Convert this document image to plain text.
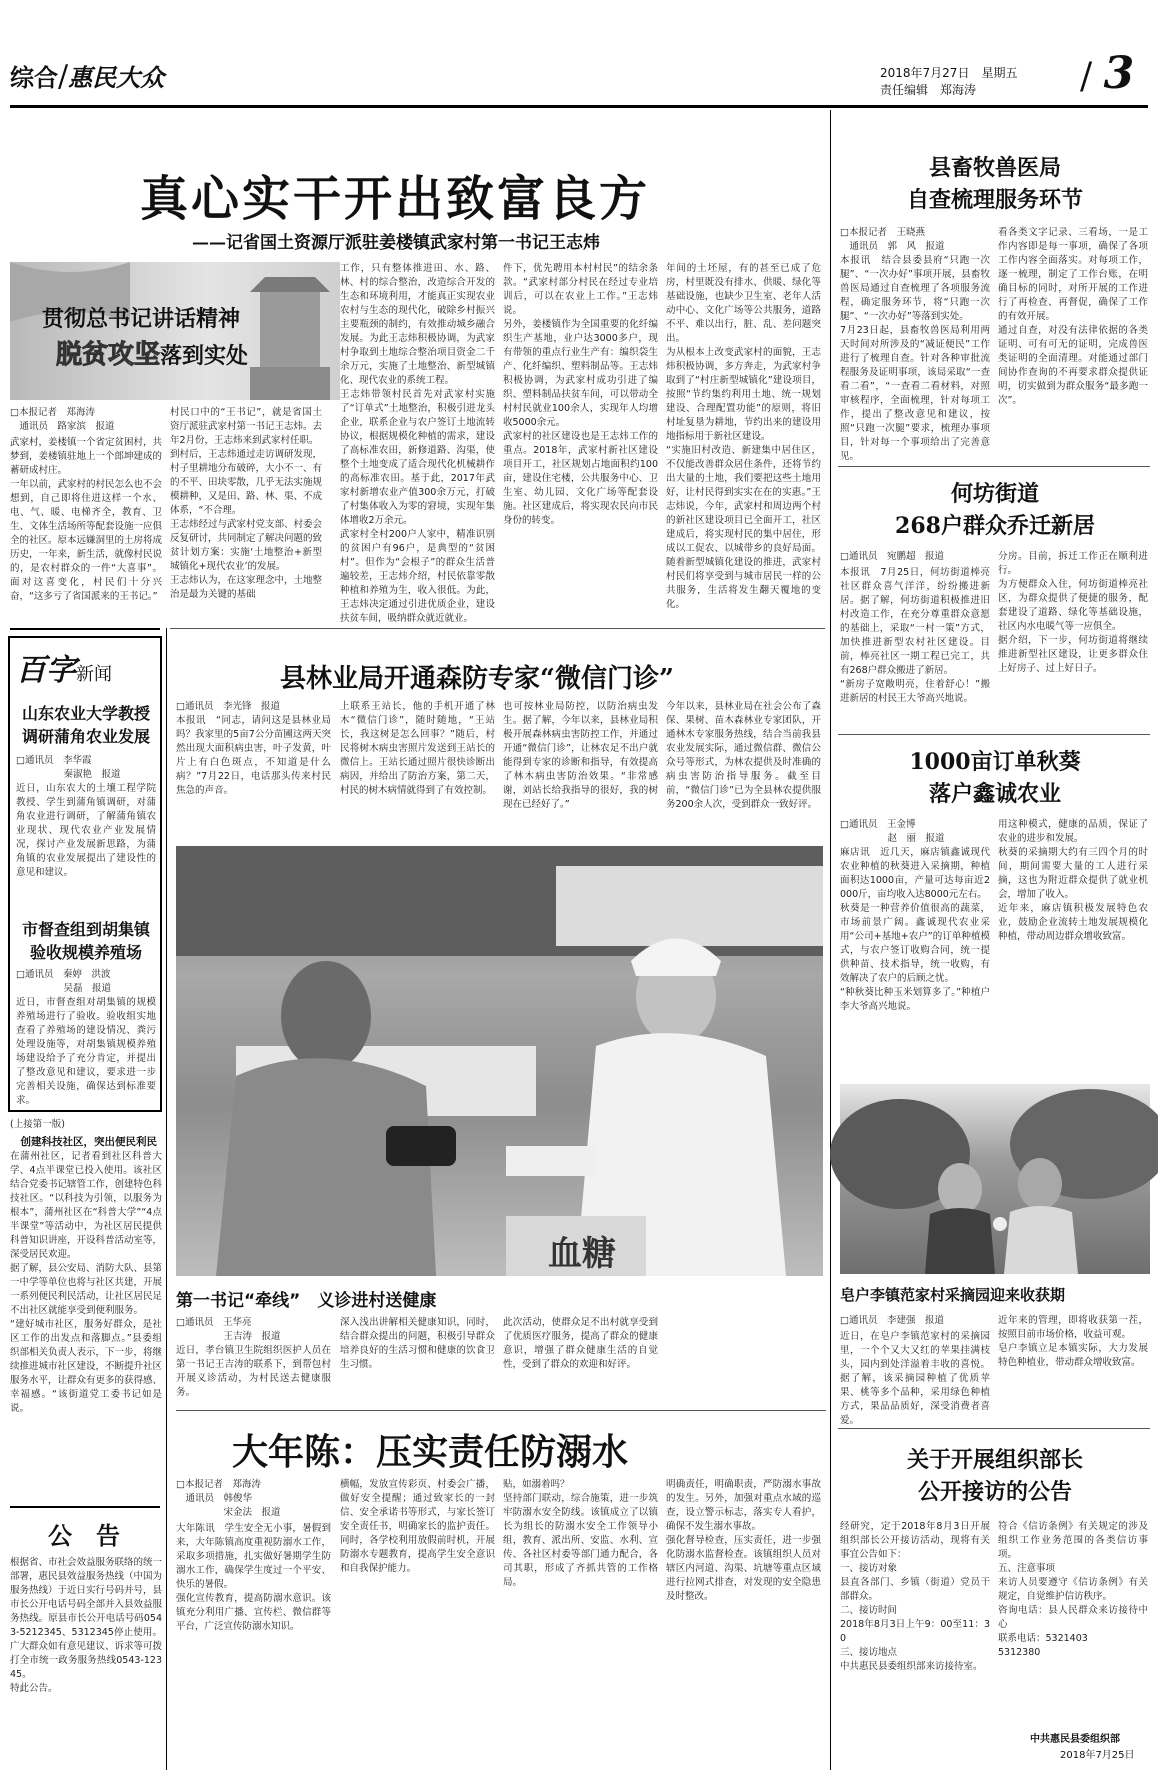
综合/惠民大众	2018年7月27日　 星期五
责任编辑　郑海涛	/ 3
真心实干开出致富良方
——记省国土资源厅派驻姜楼镇武家村第一书记王志炜
贯彻总书记讲话精神
脱贫攻坚落到实处
□本报记者　郑海涛
　通讯员　路家滨　报道
武家村，姜楼镇一个省定贫困村，共梦到，姜楼镇驻地上一个郎坤建成的蓄研成村庄。
一年以前，武家村的村民怎么也不会想到，自己即将住进这样一个水、电、气、暖、电梯齐全，教育、卫生、文体生活场所等配套设施一应俱全的社区。原本远嫌洞里的土房将成历史，一年来，新生活，就像村民说的，是农村群众的一件“大喜事”。面对这喜变化，村民们十分兴奋，“这多亏了省国派来的王书记。”
村民口中的“王书记”，就是省国土资厅派驻武家村第一书记王志炜。去年2月份，王志炜来到武家村任职。
到村后，王志炜通过走访调研发现，村子里耕地分布破碎，大小不一、有的不平、田块零散，几乎无法实施规模耕种，又是田、路、林、渠、不成体系，“不合理。
王志炜经过与武家村党支部、村委会反复研讨，共同制定了解决问题的致贫计划方案：实施‘土地整治+新型城镇化+现代农业’的发展。
王志炜认为，在这家理念中，土地整治是最为关键的基础
工作，只有整体推进田、水、路、林、村的综合整治，改造综合开发的生态和环境利用，才能真正实现农业农村与生态的现代化，破除乡村振兴主要瓶颈的制约，有效推动城乡融合发展。为此王志炜积极协调，为武家村争取到土地综合整治项目资金二千余万元，实施了土地整治、新型城镇化、现代农业的系统工程。
王志炜带领村民首先对武家村实施了“订单式”土地整治，积极引进龙头企业，联系企业与农户签订土地流转协议，根据规模化种植的需求，建设了高标准农田，新修道路、沟渠，使整个土地变成了适合现代化机械耕作的高标准农田。基于此，2017年武家村新增农业产值300余万元，打破了村集体收入为零的窘境，实现年集体增收2万余元。
武家村全村200户人家中，精准识别的贫困户有96户，是典型的“贫困村”。但作为“会根子”的群众生活普遍较差，王志炜介绍，村民依靠零散种植和养殖为生，收入很低。为此，王志炜决定通过引进优质企业，建设扶贫车间，吸纳群众就近就业。
件下，优先聘用本村村民”的结余条款。“武家村部分村民在经过专业培训后，可以在农业上工作。”王志炜说。
另外，姜楼镇作为全国重要的化纤编织生产基地，业户达3000多户，现有带领的重点行业生产有：编织袋生产、化纤编织、塑料制品等。王志炜积极协调，为武家村成功引进了编织、塑料制品扶贫车间，可以带动全村村民就业100余人，实现年人均增收5000余元。
武家村的社区建设也是王志炜工作的重点。2018年，武家村新社区建设项目开工，社区规划占地面积约100亩，建设住宅楼，公共服务中心、卫生室、幼儿园、文化广场等配套设施。社区建成后，将实现农民向市民身份的转变。
年间的土坯屋，有的甚至已成了危房，村里既没有排水、供暖、绿化等基础设施，也缺少卫生室、老年人活动中心、文化广场等公共服务，道路不平、难以出行，脏、乱、差问题突出。
为从根本上改变武家村的面貌，王志炜积极协调，多方奔走，为武家村争取到了“村庄新型城镇化”建设项目，按照“节约集约利用土地、统一规划建设、合理配置功能”的原则，将旧村址复垦为耕地，节约出来的建设用地指标用于新社区建设。
“实施旧村改造、新建集中居住区，不仅能改善群众居住条件，还将节约出大量的土地，我们要把这些土地用好，让村民得到实实在在的实惠。”王志炜说，今年，武家村和周边两个村的新社区建设项目已全面开工，社区建成后，将实现村民的集中居住，形成以工促农、以城带乡的良好局面。随着新型城镇化建设的推进，武家村村民们将享受到与城市居民一样的公共服务，生活将发生翻天覆地的变化。
百字新闻
山东农业大学教授调研蒲角农业发展
□通讯员　李华霞
　　　　　秦淑艳　报道
近日，山东农大的土壤工程学院教授、学生到蒲角镇调研，对蒲角农业进行调研，了解蒲角镇农业现状、现代农业产业发展情况，探讨产业发展新思路，为蒲角镇的农业发展提出了建设性的意见和建议。
市督查组到胡集镇验收规模养殖场
□通讯员　秦婷　洪波
　　　　　吴磊　报道
近日，市督查组对胡集镇的规模养殖场进行了验收。验收组实地查看了养殖场的建设情况、粪污处理设施等，对胡集镇规模养殖场建设给予了充分肯定，并提出了整改意见和建议，要求进一步完善相关设施，确保达到标准要求。
(上接第一版)
　创建科技社区，突出便民利民
在蒲州社区，记者看到社区科普大学、4点半课堂已投入使用。该社区结合党委书记辖管工作，创建特色科技社区。“以科技为引领，以服务为根本”，蒲州社区在“科普大学”“4点半课堂”等活动中，为社区居民提供科普知识讲座，开设科普活动室等，深受居民欢迎。
据了解，县公安局、消防大队、县第一中学等单位也将与社区共建，开展一系列便民利民活动，让社区居民足不出社区就能享受到便利服务。
“建好城市社区，服务好群众，是社区工作的出发点和落脚点。”县委组织部相关负责人表示，下一步，将继续推进城市社区建设，不断提升社区服务水平，让群众有更多的获得感、幸福感。“该街道党工委书记如是说。
公　告
根据省、市社会效益服务联络的统一部署，惠民县效益服务热线（中国为服务热线）于近日实行号码并号，县市长公开电话号码全部并入县效益服务热线。原县市长公开电话号码0543-5212345、5312345停止使用。广大群众如有意见建议、诉求等可拨打全市统一政务服务热线0543-12345。
特此公告。
县林业局开通森防专家“微信门诊”
□通讯员　李光锋　报道
本报讯　“同志，请问这是县林业局吗？我家里的5亩7公分苗圃这两天突然出现大面积病虫害，叶子发黄，叶片上有白色斑点，不知道是什么病？”7月22日，电话那头传来村民焦急的声音。
上联系王站长，他的手机开通了林木“微信门诊”，随时随地，“王站长，我这树是怎么回事？”随后，村民将树木病虫害照片发送到王站长的微信上。王站长通过照片很快诊断出病因，并给出了防治方案，第二天，村民的树木病情就得到了有效控制。
也可按林业局防控，以防治病虫发生。据了解，今年以来，县林业局积极开展森林病虫害防控工作，并通过开通“微信门诊”，让林农足不出户就能得到专家的诊断和指导，有效提高了林木病虫害防治效果。“非常感谢，刘站长给我指导的很好，我的树现在已经好了。”
今年以来，县林业局在社会公布了森保、果树、苗木森林业专家团队，开通林木专家服务热线，结合当前我县农业发展实际，通过微信群、微信公众号等形式，为林农提供及时准确的病虫害防治指导服务。截至目前，“微信门诊”已为全县林农提供服务200余人次，受到群众一致好评。
血糖
第一书记“牵线”　义诊进村送健康
□通讯员　王华亮
　　　　　王吉涛　报道
近日，孝台镇卫生院组织医护人员在第一书记王吉涛的联系下，到帮包村开展义诊活动，为村民送去健康服务。
深入浅出讲解相关健康知识，同时，结合群众提出的问题，积极引导群众培养良好的生活习惯和健康的饮食卫生习惯。
此次活动，使群众足不出村就享受到了优质医疗服务，提高了群众的健康意识，增强了群众健康生活的自觉性，受到了群众的欢迎和好评。
大年陈：压实责任防溺水
□本报记者　郑海涛
　通讯员　韩俊华
　　　　　宋金法　报道
大年陈讯　学生安全无小事，暑假到来，大年陈镇高度重视防溺水工作，采取多项措施，扎实做好暑期学生防溺水工作，确保学生度过一个平安、快乐的暑假。
强化宣传教育，提高防溺水意识。该镇充分利用广播、宣传栏、微信群等平台，广泛宣传防溺水知识。
横幅，发放宣传彩页、村委会广播，做好安全提醒；通过致家长的一封信、安全承诺书等形式，与家长签订安全责任书，明确家长的监护责任。同时，各学校利用放假前时机，开展防溺水专题教育，提高学生安全意识和自我保护能力。
贴，如溺着吗？
坚持部门联动，综合施策，进一步筑牢防溺水安全防线。该镇成立了以镇长为组长的防溺水安全工作领导小组，教育、派出所、安监、水利、宣传、各社区村委等部门通力配合，各司其职，形成了齐抓共管的工作格局。
明确责任，明确职责，严防溺水事故的发生。另外，加强对重点水域的巡查，设立警示标志，落实专人看护，确保不发生溺水事故。
强化督导检查，压实责任，进一步强化防溺水监督检查。该镇组织人员对辖区内河道、沟渠、坑塘等重点区域进行拉网式排查，对发现的安全隐患及时整改。
县畜牧兽医局
自查梳理服务环节
□本报记者　王晓燕
　通讯员　郭　风　报道
本报讯　结合县委县府“只跑一次腿”、“一次办好”事项开展，县畜牧兽医局通过自查梳理了各项服务流程，确定服务环节，将“只跑一次腿”、“一次办好”等落到实处。
7月23日起，县畜牧兽医局利用两天时间对所涉及的“减证便民”工作进行了梳理自查。针对各种审批流程服务及证明事项，该局采取“一查看二看”，“一查看二看材料，对照审核程序，全面梳理，针对每项工作，提出了整改意见和建议，按照“只跑一次腿”要求，梳理办事项目，针对每一个事项给出了完善意见。
看各类文字记录、三看场，一是工作内容即是每一事项，确保了各项工作内容全面落实。对每项工作，逐一梳理，制定了工作台账，在明确目标的同时，对所开展的工作进行了再检查、再督促，确保了工作的有效开展。
通过自查，对没有法律依据的各类证明、可有可无的证明，完成兽医类证明的全面清理。对能通过部门间协作查询的不再要求群众提供证明，切实做到为群众服务“最多跑一次”。
何坊街道
268户群众乔迁新居
□通讯员　宛鹏超　报道
本报讯　7月25日，何坊街道棒亮社区群众喜气洋洋，纷纷搬进新居。据了解，何坊街道积极推进旧村改造工作，在充分尊重群众意愿的基础上，采取“一村一策”方式，加快推进新型农村社区建设。目前，棒亮社区一期工程已完工，共有268户群众搬进了新居。
“新房子宽敞明亮，住着舒心！”搬进新居的村民王大爷高兴地说。
分房。目前，拆迁工作正在顺利进行。
为方便群众入住，何坊街道棒亮社区，为群众提供了便捷的服务，配套建设了道路、绿化等基础设施，社区内水电暖气等一应俱全。
据介绍，下一步，何坊街道将继续推进新型社区建设，让更多群众住上好房子、过上好日子。
1000亩订单秋葵
落户鑫诚农业
□通讯员　王金博
　　　　　赵　丽　报道
麻店讯　近几天，麻店镇鑫诚现代农业种植的秋葵进入采摘期，种植面积达1000亩，产量可达每亩近2000斤，亩均收入达8000元左右。
秋葵是一种营养价值很高的蔬菜，市场前景广阔。鑫诚现代农业采用“公司+基地+农户”的订单种植模式，与农户签订收购合同，统一提供种苗、技术指导，统一收购，有效解决了农户的后顾之忧。
“种秋葵比种玉米划算多了。”种植户李大爷高兴地说。
用这种模式，健康的品质，保证了农业的进步和发展。
秋葵的采摘期大约有三四个月的时间，期间需要大量的工人进行采摘，这也为附近群众提供了就业机会，增加了收入。
近年来，麻店镇积极发展特色农业，鼓励企业流转土地发展规模化种植，带动周边群众增收致富。
皂户李镇范家村采摘园迎来收获期
□通讯员　李建强　报道
近日，在皂户李镇范家村的采摘园里，一个个又大又红的苹果挂满枝头，园内到处洋溢着丰收的喜悦。据了解，该采摘园种植了优质苹果、桃等多个品种，采用绿色种植方式，果品品质好，深受消费者喜爱。
近年来的管理，即将收获第一茬，按照目前市场价格，收益可观。
皂户李镇立足本镇实际，大力发展特色种植业，带动群众增收致富。
关于开展组织部长
公开接访的公告
经研究，定于2018年8月3日开展组织部长公开接访活动，现将有关事宜公告如下：
一、接访对象
县直各部门、乡镇（街道）党员干部群众。
二、接访时间
2018年8月3日上午9：00至11：30
三、接访地点
中共惠民县委组织部来访接待室。
符合《信访条例》有关规定的涉及组织工作业务范围的各类信访事项。
五、注意事项
来访人员要遵守《信访条例》有关规定，自觉维护信访秩序。
咨询电话：县人民群众来访接待中心
联系电话：5321403
5312380
中共惠民县委组织部
2018年7月25日
